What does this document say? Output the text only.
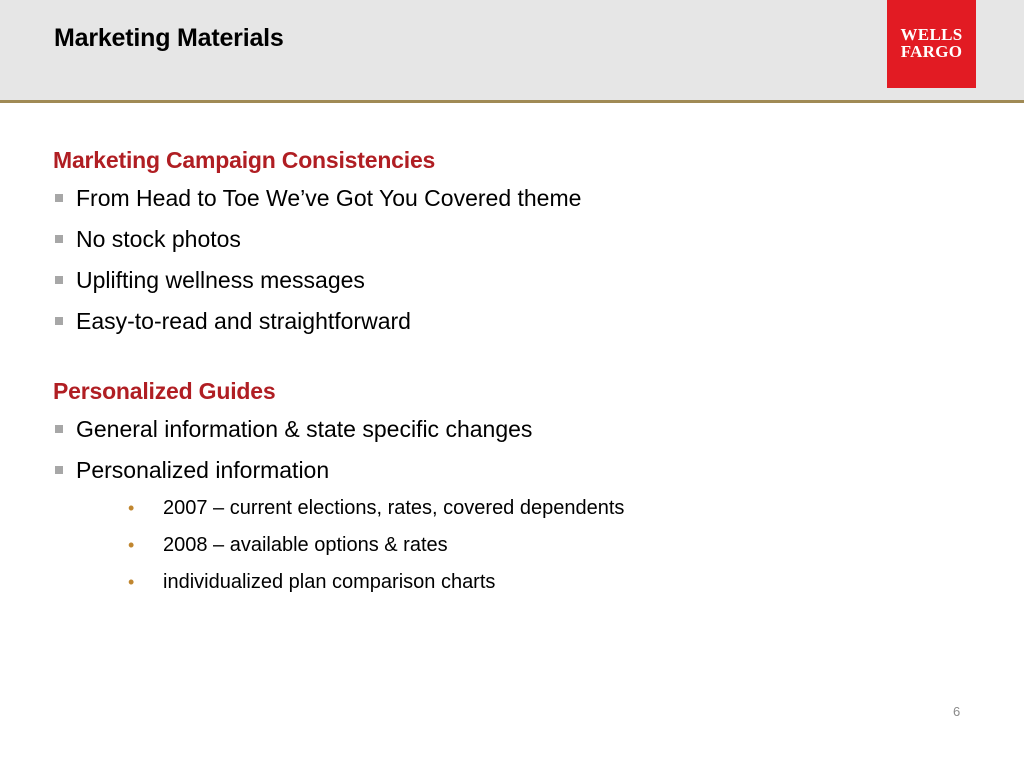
Marketing Materials	WELLS
FARGO
Marketing Campaign Consistencies
From Head to Toe We’ve Got You Covered theme
No stock photos
Uplifting wellness messages
Easy-to-read and straightforward
Personalized Guides
General information & state specific changes
Personalized information
• 2007 – current elections, rates, covered dependents
• 2008 – available options & rates
• individualized plan comparison charts
6
